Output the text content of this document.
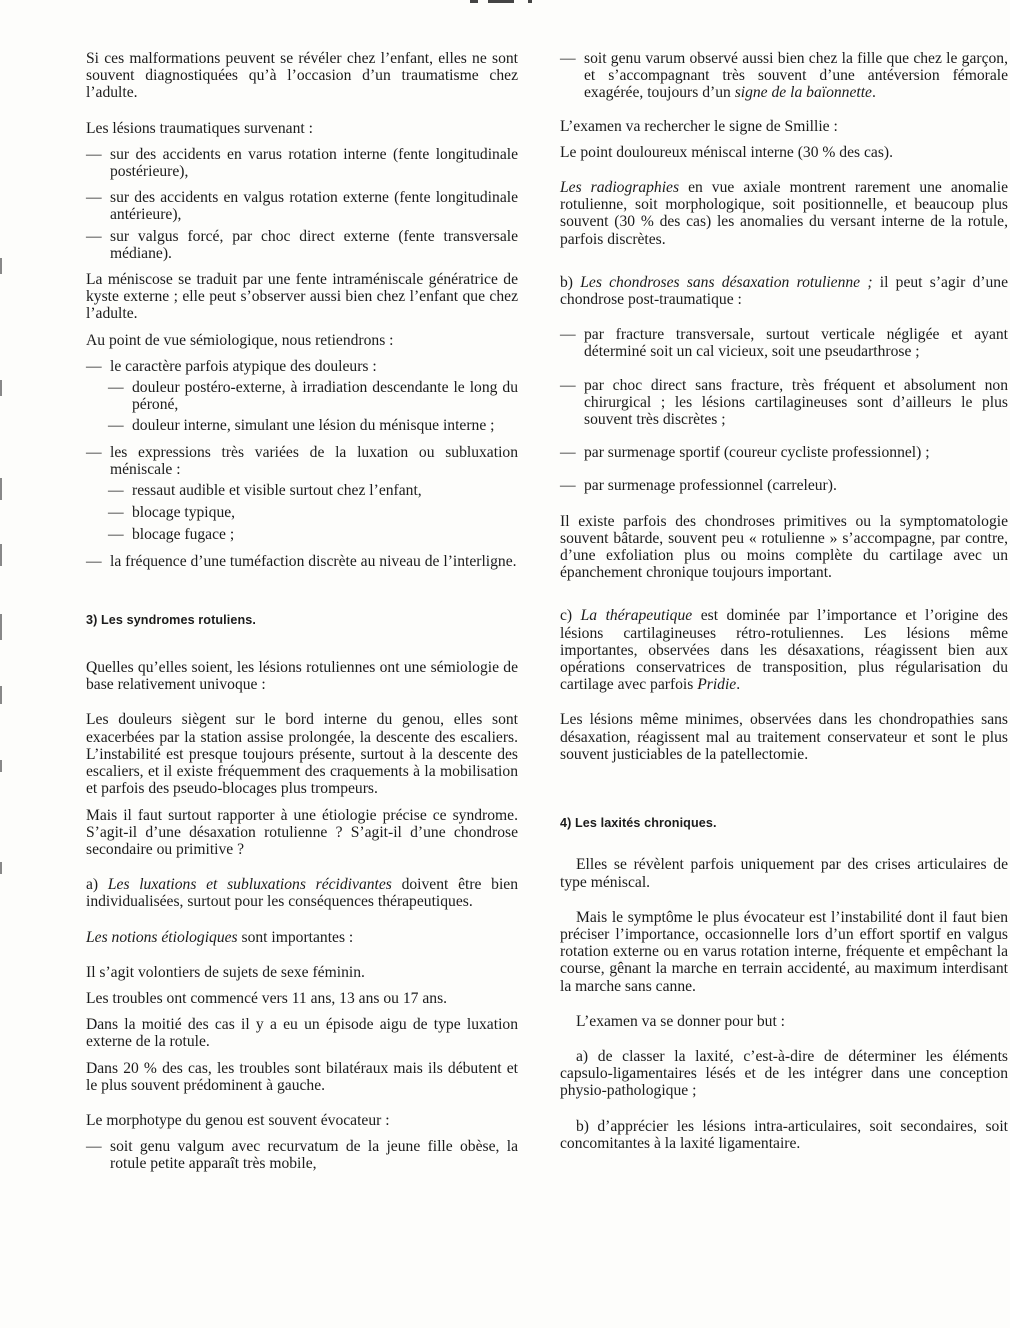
Si ces malformations peuvent se révéler chez l’enfant, elles ne sont souvent diagnostiquées qu’à l’occasion d’un traumatisme chez l’adulte.

Les lésions traumatiques survenant :

— sur des accidents en varus rotation interne (fente longitudinale postérieure),
— sur des accidents en valgus rotation externe (fente longitudinale antérieure),
— sur valgus forcé, par choc direct externe (fente transversale médiane).

La méniscose se traduit par une fente intraméniscale génératrice de kyste externe ; elle peut s’observer aussi bien chez l’enfant que chez l’adulte.

Au point de vue sémiologique, nous retiendrons :

— le caractère parfois atypique des douleurs :
— douleur postéro-externe, à irradiation descendante le long du péroné,
— douleur interne, simulant une lésion du ménisque interne ;
— les expressions très variées de la luxation ou subluxation méniscale :
— ressaut audible et visible surtout chez l’enfant,
— blocage typique,
— blocage fugace ;
— la fréquence d’une tuméfaction discrète au niveau de l’interligne.

3) Les syndromes rotuliens.

Quelles qu’elles soient, les lésions rotuliennes ont une sémiologie de base relativement univoque :

Les douleurs siègent sur le bord interne du genou, elles sont exacerbées par la station assise prolongée, la descente des escaliers. L’instabilité est presque toujours présente, surtout à la descente des escaliers, et il existe fréquemment des craquements à la mobilisation et parfois des pseudo-blocages plus trompeurs.

Mais il faut surtout rapporter à une étiologie précise ce syndrome. S’agit-il d’une désaxation rotulienne ? S’agit-il d’une chondrose secondaire ou primitive ?

a) Les luxations et subluxations récidivantes doivent être bien individualisées, surtout pour les conséquences thérapeutiques.

Les notions étiologiques sont importantes :

Il s’agit volontiers de sujets de sexe féminin.

Les troubles ont commencé vers 11 ans, 13 ans ou 17 ans.

Dans la moitié des cas il y a eu un épisode aigu de type luxation externe de la rotule.

Dans 20 % des cas, les troubles sont bilatéraux mais ils débutent et le plus souvent prédominent à gauche.

Le morphotype du genou est souvent évocateur :

— soit genu valgum avec recurvatum de la jeune fille obèse, la rotule petite apparaît très mobile,
— soit genu varum observé aussi bien chez la fille que chez le garçon, et s’accompagnant très souvent d’une antéversion fémorale exagérée, toujours d’un signe de la baïonnette.

L’examen va rechercher le signe de Smillie :

Le point douloureux méniscal interne (30 % des cas).

Les radiographies en vue axiale montrent rarement une anomalie rotulienne, soit morphologique, soit positionnelle, et beaucoup plus souvent (30 % des cas) les anomalies du versant interne de la rotule, parfois discrètes.

b) Les chondroses sans désaxation rotulienne ; il peut s’agir d’une chondrose post-traumatique :

— par fracture transversale, surtout verticale négligée et ayant déterminé soit un cal vicieux, soit une pseudarthrose ;
— par choc direct sans fracture, très fréquent et absolument non chirurgical ; les lésions cartilagineuses sont d’ailleurs le plus souvent très discrètes ;
— par surmenage sportif (coureur cycliste professionnel) ;
— par surmenage professionnel (carreleur).

Il existe parfois des chondroses primitives ou la symptomatologie souvent bâtarde, souvent peu « rotulienne » s’accompagne, par contre, d’une exfoliation plus ou moins complète du cartilage avec un épanchement chronique toujours important.

c) La thérapeutique est dominée par l’importance et l’origine des lésions cartilagineuses rétro-rotuliennes. Les lésions même importantes, observées dans les désaxations, réagissent bien aux opérations conservatrices de transposition, plus régularisation du cartilage avec parfois Pridie.

Les lésions même minimes, observées dans les chondropathies sans désaxation, réagissent mal au traitement conservateur et sont le plus souvent justiciables de la patellectomie.

4) Les laxités chroniques.

Elles se révèlent parfois uniquement par des crises articulaires de type méniscal.

Mais le symptôme le plus évocateur est l’instabilité dont il faut bien préciser l’importance, occasionnelle lors d’un effort sportif en valgus rotation externe ou en varus rotation interne, fréquente et empêchant la course, gênant la marche en terrain accidenté, au maximum interdisant la marche sans canne.

L’examen va se donner pour but :

a) de classer la laxité, c’est-à-dire de déterminer les éléments capsulo-ligamentaires lésés et de les intégrer dans une conception physio-pathologique ;

b) d’apprécier les lésions intra-articulaires, soit secondaires, soit concomitantes à la laxité ligamentaire.
